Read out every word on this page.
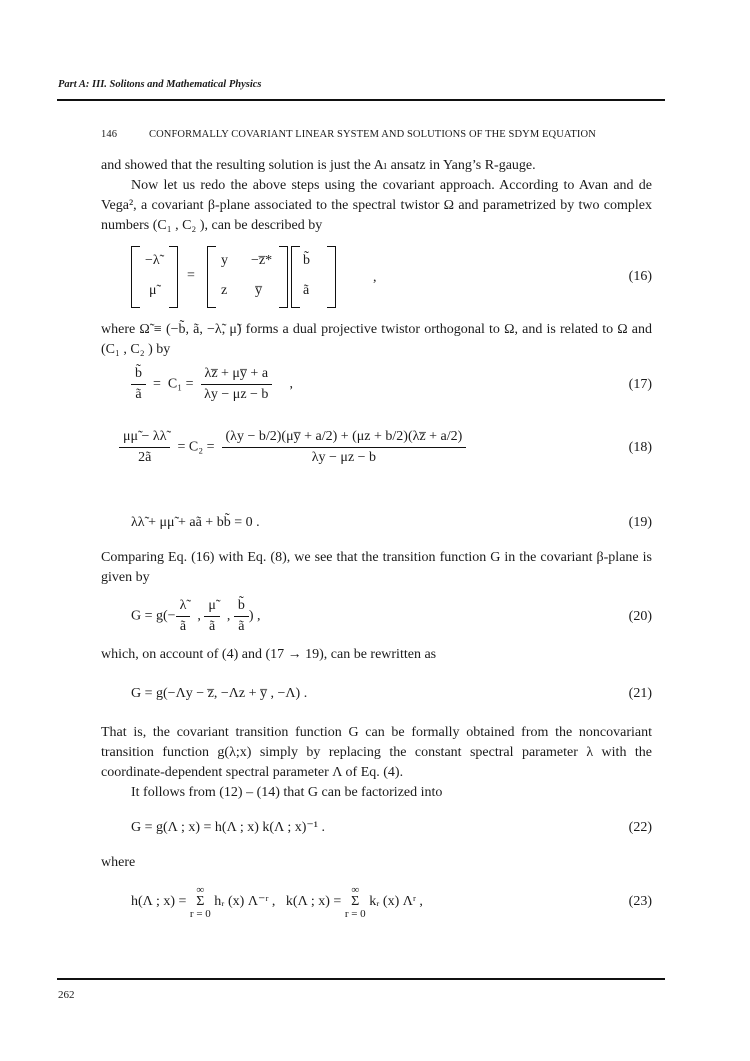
Part A: III. Solitons and Mathematical Physics
146	CONFORMALLY COVARIANT LINEAR SYSTEM AND SOLUTIONS OF THE SDYM EQUATION
and showed that the resulting solution is just the Aₗ ansatz in Yang’s R-gauge.
Now let us redo the above steps using the covariant approach. According to Avan and de Vega², a covariant β-plane associated to the spectral twistor Ω and parametrized by two complex numbers (C₁ , C₂ ), can be described by
−λ̃
μ̃
=
y −z̅*
z y̅
b̃
ã
,	(16)
where Ω̃ ≡ (−b̃, ã, −λ̃, μ̃) forms a dual projective twistor orthogonal to Ω, and is related to Ω and (C₁ , C₂ ) by
$\frac{b̃}{ã} = C_1 = \frac{\lambda z̅ + \mu y̅ + a}{\lambda y - \mu z - b}$ ,	(17)
$\frac{\mu\mũ - \lambda\lambdã}{2ã} = C_2 = \frac{(\lambda y - b/2)(\mu y̅ + a/2) + (\mu z + b/2)(\lambda z̅ + a/2)}{\lambda y - \mu z - b}$	(18)
λλ̃ + μμ̃ + aã + bb̃ = 0 .	(19)
Comparing Eq. (16) with Eq. (8), we see that the transition function G in the covariant β-plane is given by
$G = g(- \frac{\lambdã}{ã}$ , $\frac{\mũ}{ã}$ , $\frac{b̃}{ã}$ ) ,	(20)
which, on account of (4) and (17 → 19), can be rewritten as
G = g(−Λy − z̅, −Λz + y̅ , −Λ) .	(21)
That is, the covariant transition function G can be formally obtained from the noncovariant transition function g(λ;x) simply by replacing the constant spectral parameter λ with the coordinate-dependent spectral parameter Λ of Eq. (4).
It follows from (12) – (14) that G can be factorized into
G = g(Λ ; x) = h(Λ ; x) k(Λ ; x)⁻¹ .	(22)
where
h(Λ ; x) = ∞
Σ
r = 0 hᵣ (x) Λ⁻ʳ , k(Λ ; x) = ∞
Σ
r = 0 kᵣ (x) Λʳ ,	(23)
262
